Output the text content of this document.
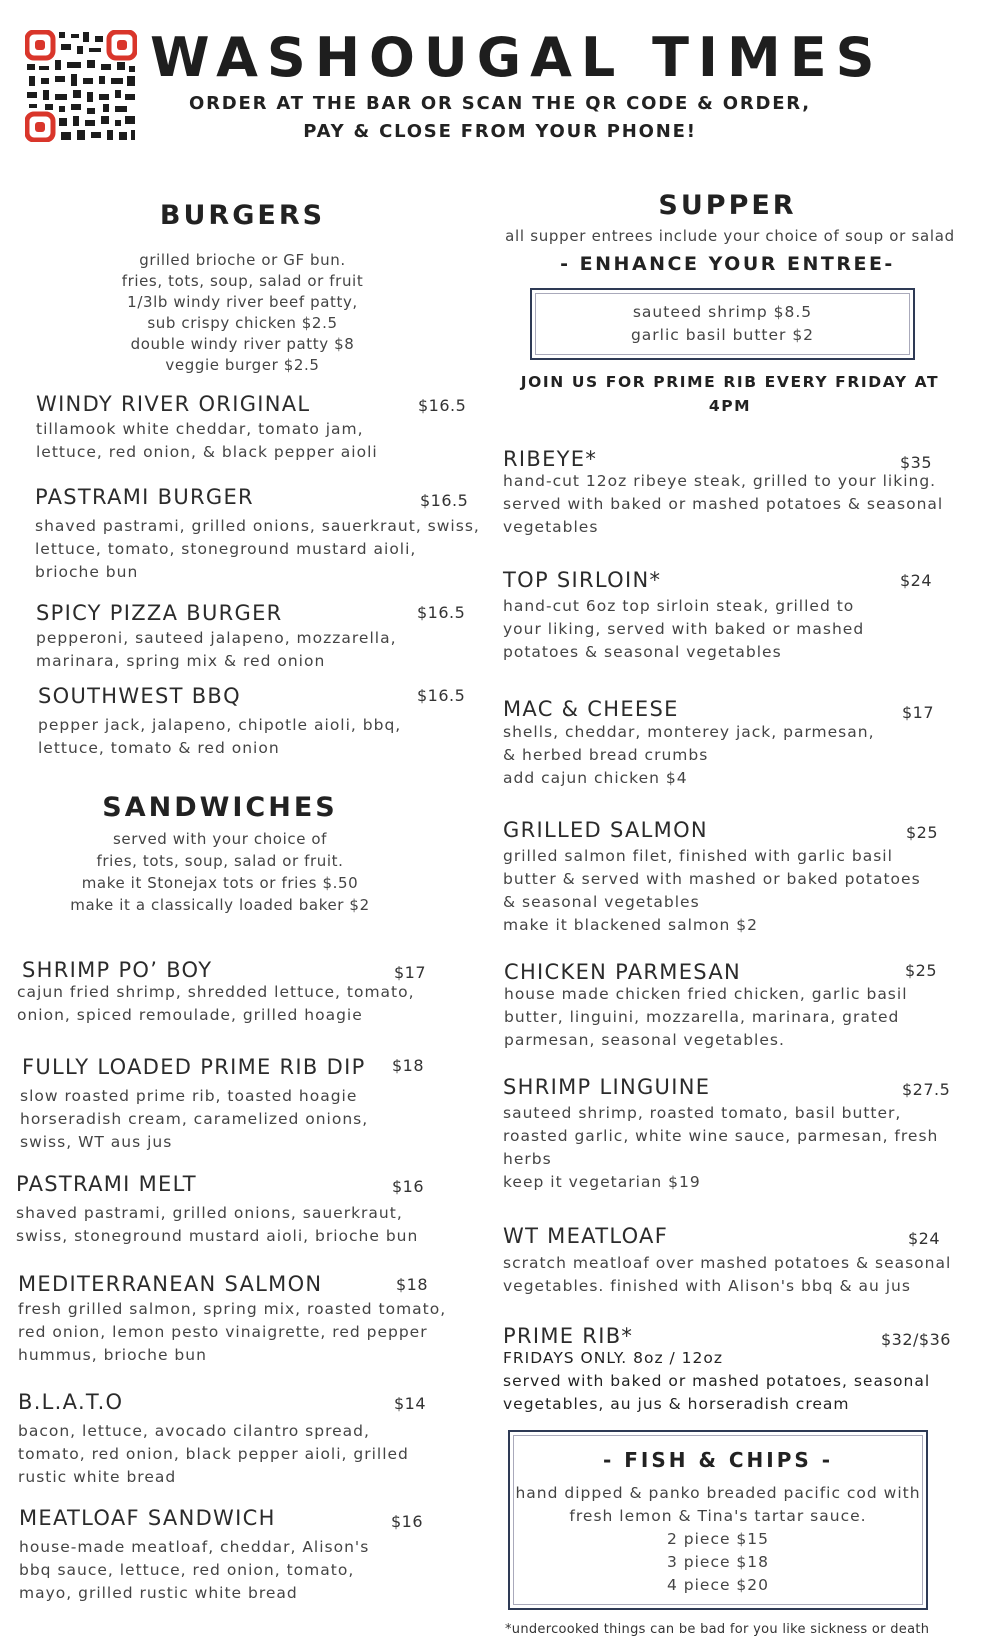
WASHOUGAL TIMES
ORDER AT THE BAR OR SCAN THE QR CODE & ORDER,
PAY & CLOSE FROM YOUR PHONE!
BURGERS
grilled brioche or GF bun.
fries, tots, soup, salad or fruit
1/3lb windy river beef patty,
sub crispy chicken $2.5
double windy river patty $8
veggie burger $2.5
WINDY RIVER ORIGINAL	$16.5
tillamook white cheddar, tomato jam,
lettuce, red onion, & black pepper aioli
PASTRAMI BURGER	$16.5
shaved pastrami, grilled onions, sauerkraut, swiss,
lettuce, tomato, stoneground mustard aioli,
brioche bun
SPICY PIZZA BURGER	$16.5
pepperoni, sauteed jalapeno, mozzarella,
marinara, spring mix & red onion
SOUTHWEST BBQ	$16.5
pepper jack, jalapeno, chipotle aioli, bbq,
lettuce, tomato & red onion
SANDWICHES
served with your choice of
fries, tots, soup, salad or fruit.
make it Stonejax tots or fries $.50
make it a classically loaded baker $2
SHRIMP PO’ BOY	$17
cajun fried shrimp, shredded lettuce, tomato,
onion, spiced remoulade, grilled hoagie
FULLY LOADED PRIME RIB DIP	$18
slow roasted prime rib, toasted hoagie
horseradish cream, caramelized onions,
swiss, WT aus jus
PASTRAMI MELT	$16
shaved pastrami, grilled onions, sauerkraut,
swiss, stoneground mustard aioli, brioche bun
MEDITERRANEAN SALMON	$18
fresh grilled salmon, spring mix, roasted tomato,
red onion, lemon pesto vinaigrette, red pepper
hummus, brioche bun
B.L.A.T.O	$14
bacon, lettuce, avocado cilantro spread,
tomato, red onion, black pepper aioli, grilled
rustic white bread
MEATLOAF SANDWICH	$16
house-made meatloaf, cheddar, Alison's
bbq sauce, lettuce, red onion, tomato,
mayo, grilled rustic white bread
SUPPER
all supper entrees include your choice of soup or salad
- ENHANCE YOUR ENTREE-
sauteed shrimp $8.5
garlic basil butter $2
JOIN US FOR PRIME RIB EVERY FRIDAY AT
4PM
RIBEYE*	$35
hand-cut 12oz ribeye steak, grilled to your liking.
served with baked or mashed potatoes & seasonal
vegetables
TOP SIRLOIN*	$24
hand-cut 6oz top sirloin steak, grilled to
your liking, served with baked or mashed
potatoes & seasonal vegetables
MAC & CHEESE	$17
shells, cheddar, monterey jack, parmesan,
& herbed bread crumbs
add cajun chicken $4
GRILLED SALMON	$25
grilled salmon filet, finished with garlic basil
butter & served with mashed or baked potatoes
& seasonal vegetables
make it blackened salmon $2
CHICKEN PARMESAN	$25
house made chicken fried chicken, garlic basil
butter, linguini, mozzarella, marinara, grated
parmesan, seasonal vegetables.
SHRIMP LINGUINE	$27.5
sauteed shrimp, roasted tomato, basil butter,
roasted garlic, white wine sauce, parmesan, fresh
herbs
keep it vegetarian $19
WT MEATLOAF	$24
scratch meatloaf over mashed potatoes & seasonal
vegetables. finished with Alison's bbq & au jus
PRIME RIB*	$32/$36
FRIDAYS ONLY. 8oz / 12oz
served with baked or mashed potatoes, seasonal
vegetables, au jus & horseradish cream
- FISH & CHIPS -
hand dipped & panko breaded pacific cod with
fresh lemon & Tina's tartar sauce.
2 piece $15
3 piece $18
4 piece $20
*undercooked things can be bad for you like sickness or death
